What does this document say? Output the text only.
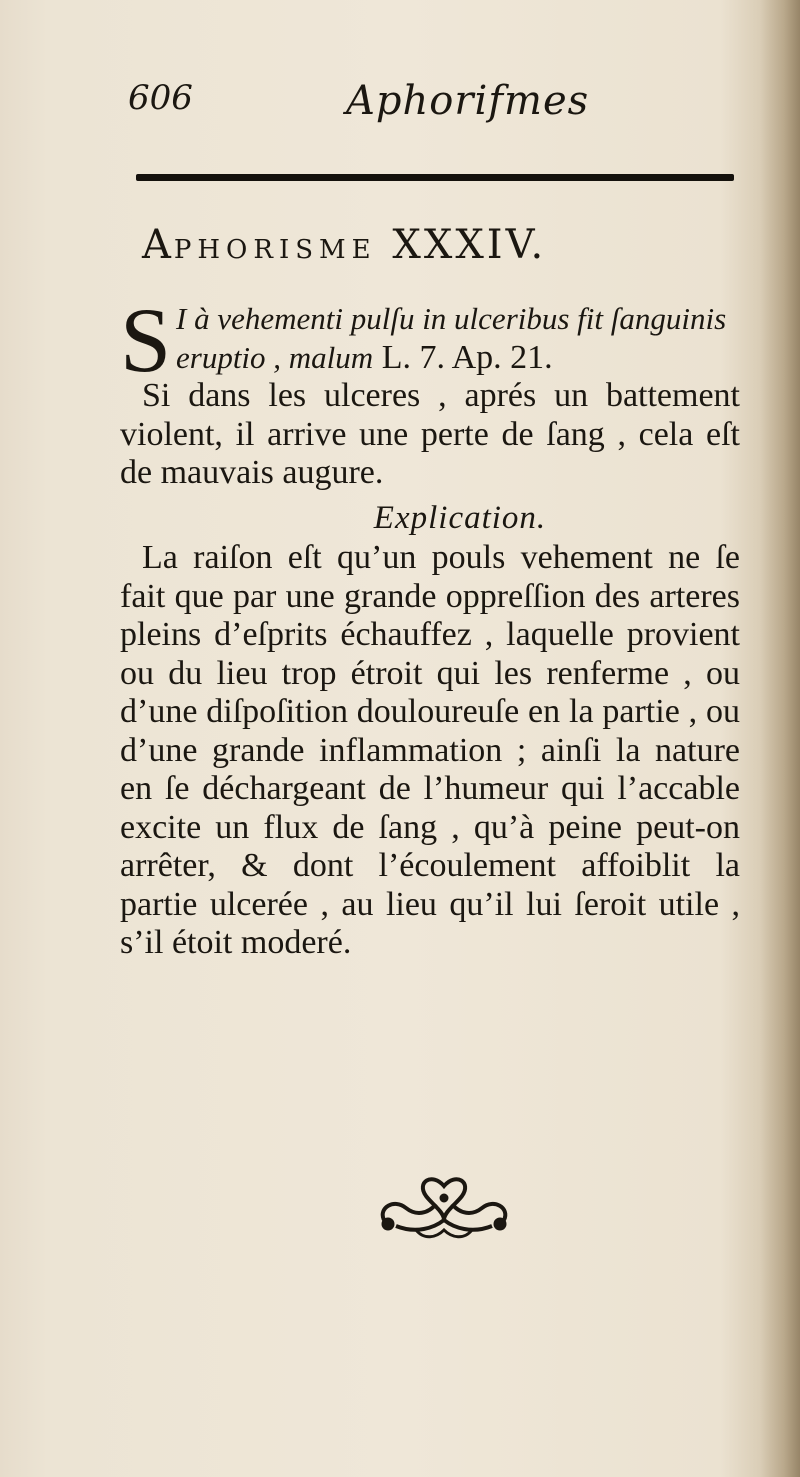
606	Aphorifmes
APHORISME XXXIV.
S I à vehementi pulſu in ulceribus fit ſanguinis eruptio , malum L. 7. Ap. 21.

Si dans les ulceres , aprés un battement violent, il arrive une perte de ſang , cela eſt de mauvais augure.

Explication.

La raiſon eſt qu’un pouls vehement ne ſe fait que par une grande oppreſſion des arteres pleins d’eſprits échauffez , laquelle provient ou du lieu trop étroit qui les renferme , ou d’une diſpoſition douloureuſe en la partie , ou d’une grande inflammation ; ainſi la nature en ſe déchargeant de l’humeur qui l’accable excite un flux de ſang , qu’à peine peut-on arrêter, & dont l’écoulement affoiblit la partie ulcerée , au lieu qu’il lui ſeroit utile , s’il étoit moderé.
